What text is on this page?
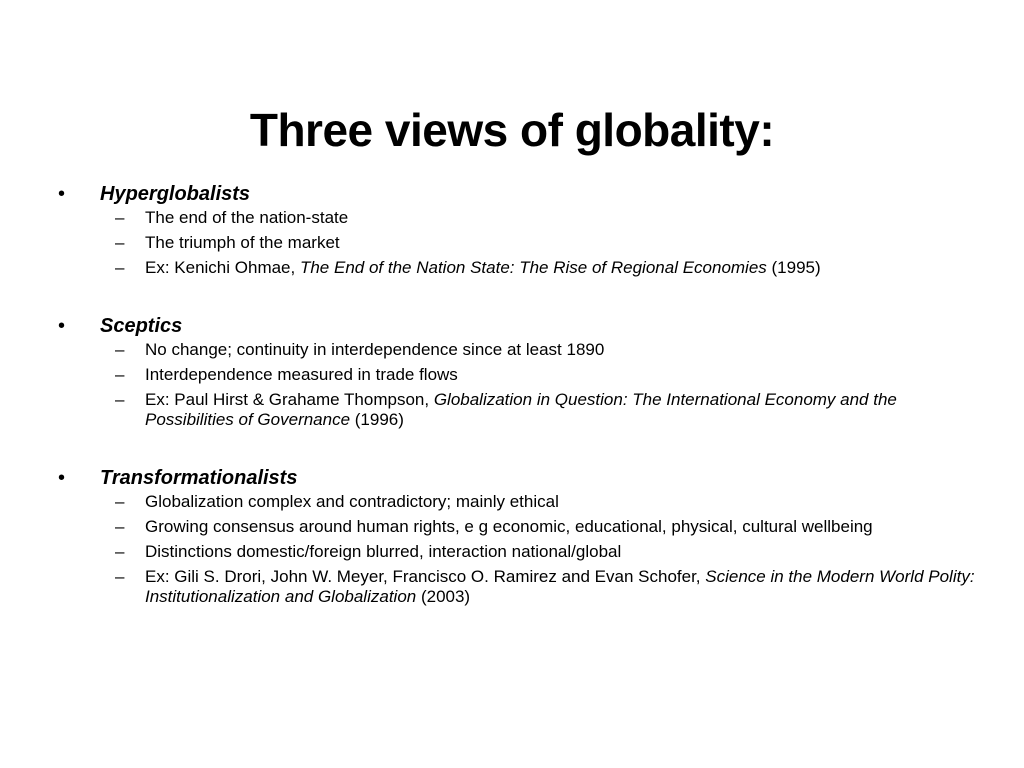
Three views of globality:
•	Hyperglobalists
– The end of the nation-state
– The triumph of the market
– Ex: Kenichi Ohmae, The End of the Nation State: The Rise of Regional Economies (1995)
•	Sceptics
– No change; continuity in interdependence since at least 1890
– Interdependence measured in trade flows
– Ex: Paul Hirst & Grahame Thompson, Globalization in Question: The International Economy and the Possibilities of Governance (1996)
•	Transformationalists
– Globalization complex and contradictory; mainly ethical
– Growing consensus around human rights, e g economic, educational, physical, cultural wellbeing
– Distinctions domestic/foreign blurred, interaction national/global
– Ex: Gili S. Drori, John W. Meyer, Francisco O. Ramirez and Evan Schofer, Science in the Modern World Polity: Institutionalization and Globalization (2003)
